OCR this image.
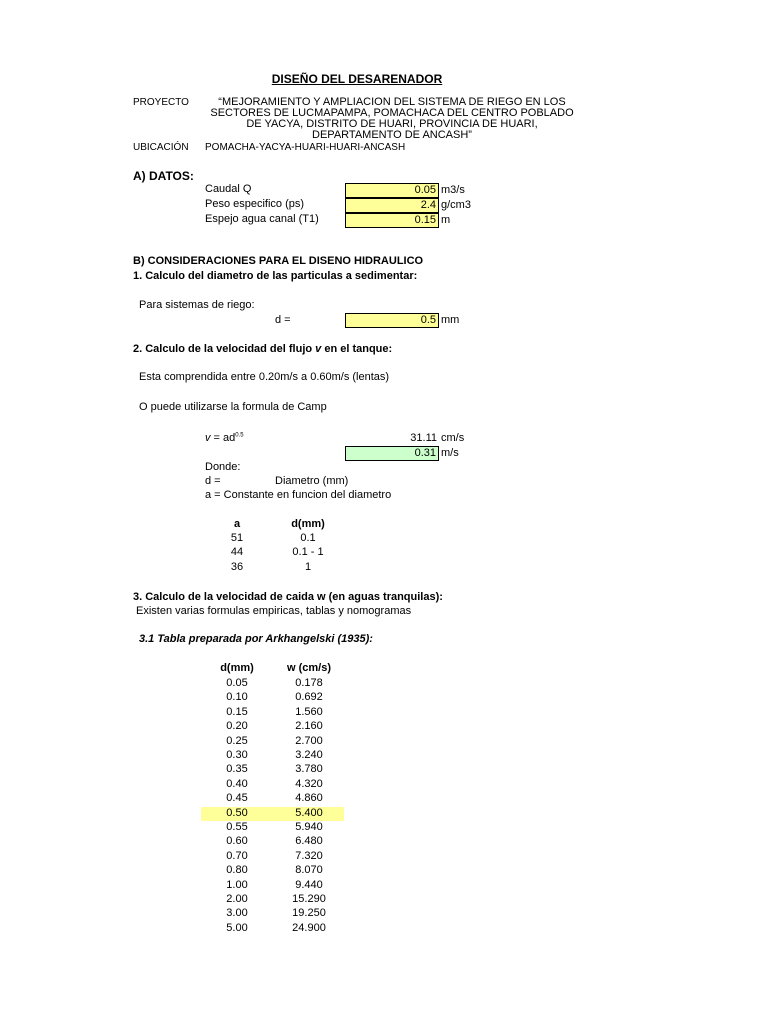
DISEÑO DEL DESARENADOR
PROYECTO	“MEJORAMIENTO Y AMPLIACION DEL SISTEMA DE RIEGO EN LOS SECTORES DE LUCMAPAMPA, POMACHACA DEL CENTRO POBLADO DE YACYA, DISTRITO DE HUARI, PROVINCIA DE HUARI, DEPARTAMENTO DE ANCASH”
UBICACIÓN POMACHA-YACYA-HUARI-HUARI-ANCASH
A) DATOS:
Caudal Q	0.05 m3/s
Peso especifico (ps)	2.4 g/cm3
Espejo agua canal (T1)	0.15 m
B) CONSIDERACIONES PARA EL DISENO HIDRAULICO
1. Calculo del diametro de las particulas a sedimentar:
Para sistemas de riego:
d =	0.5 mm
2. Calculo de la velocidad del flujo v en el tanque:
Esta comprendida entre 0.20m/s a 0.60m/s (lentas)
O puede utilizarse la formula de Camp
$v = ad^{0.5}$	31.11 cm/s
0.31 m/s
Donde:
d =	Diametro (mm)
a = Constante en funcion del diametro
a	d(mm)
51	0.1
44	0.1 - 1
36	1
3. Calculo de la velocidad de caida w (en aguas tranquilas):
Existen varias formulas empiricas, tablas y nomogramas
3.1 Tabla preparada por Arkhangelski (1935):
d(mm)	w (cm/s)
0.05	0.178
0.10	0.692
0.15	1.560
0.20	2.160
0.25	2.700
0.30	3.240
0.35	3.780
0.40	4.320
0.45	4.860
0.50	5.400
0.55	5.940
0.60	6.480
0.70	7.320
0.80	8.070
1.00	9.440
2.00	15.290
3.00	19.250
5.00	24.900
